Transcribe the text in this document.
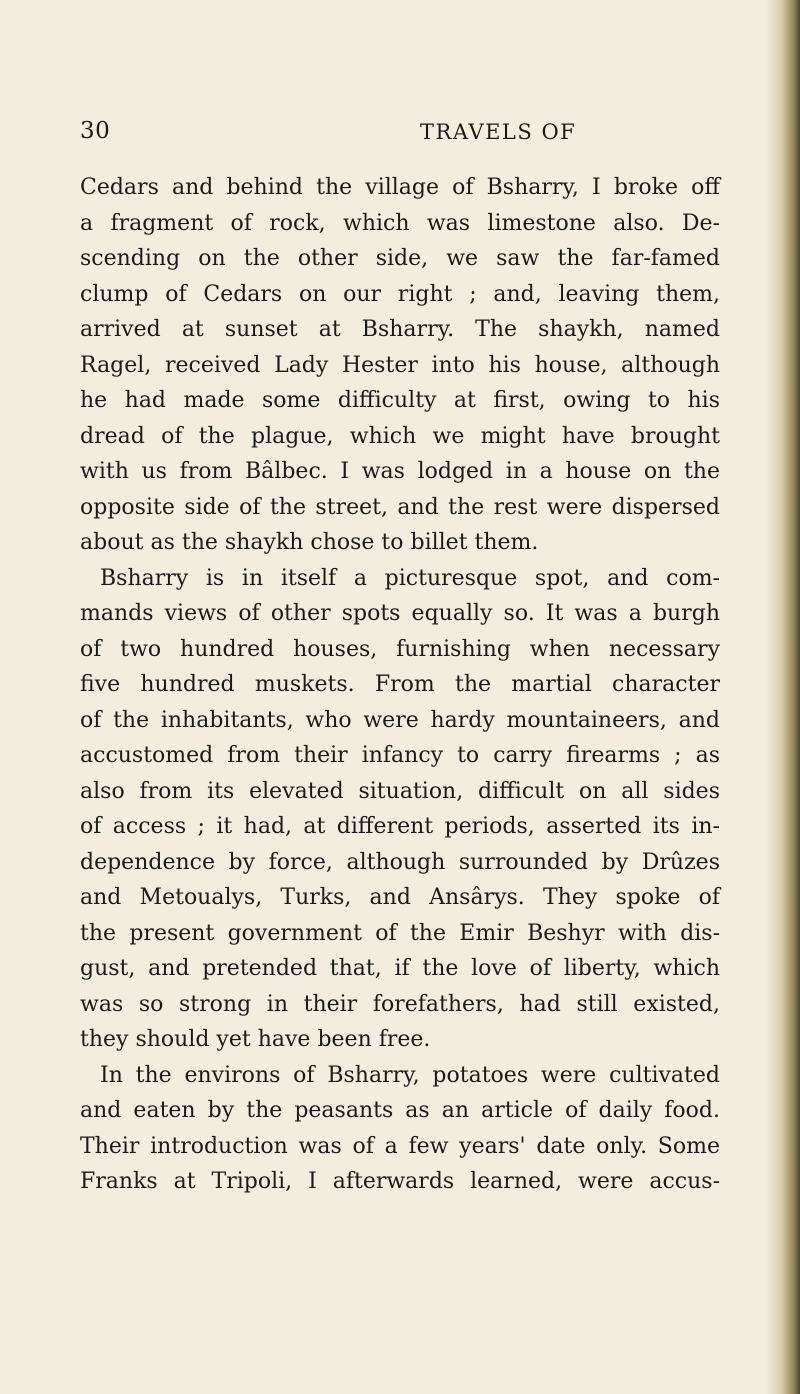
30	TRAVELS OF
Cedars and behind the village of Bsharry, I broke off
a fragment of rock, which was limestone also. De-
scending on the other side, we saw the far-famed
clump of Cedars on our right ; and, leaving them,
arrived at sunset at Bsharry. The shaykh, named
Ragel, received Lady Hester into his house, although
he had made some difficulty at first, owing to his
dread of the plague, which we might have brought
with us from Bâlbec. I was lodged in a house on the
opposite side of the street, and the rest were dispersed
about as the shaykh chose to billet them.
Bsharry is in itself a picturesque spot, and com-
mands views of other spots equally so. It was a burgh
of two hundred houses, furnishing when necessary
five hundred muskets. From the martial character
of the inhabitants, who were hardy mountaineers, and
accustomed from their infancy to carry firearms ; as
also from its elevated situation, difficult on all sides
of access ; it had, at different periods, asserted its in-
dependence by force, although surrounded by Drûzes
and Metoualys, Turks, and Ansârys. They spoke of
the present government of the Emir Beshyr with dis-
gust, and pretended that, if the love of liberty, which
was so strong in their forefathers, had still existed,
they should yet have been free.
In the environs of Bsharry, potatoes were cultivated
and eaten by the peasants as an article of daily food.
Their introduction was of a few years' date only. Some
Franks at Tripoli, I afterwards learned, were accus-
